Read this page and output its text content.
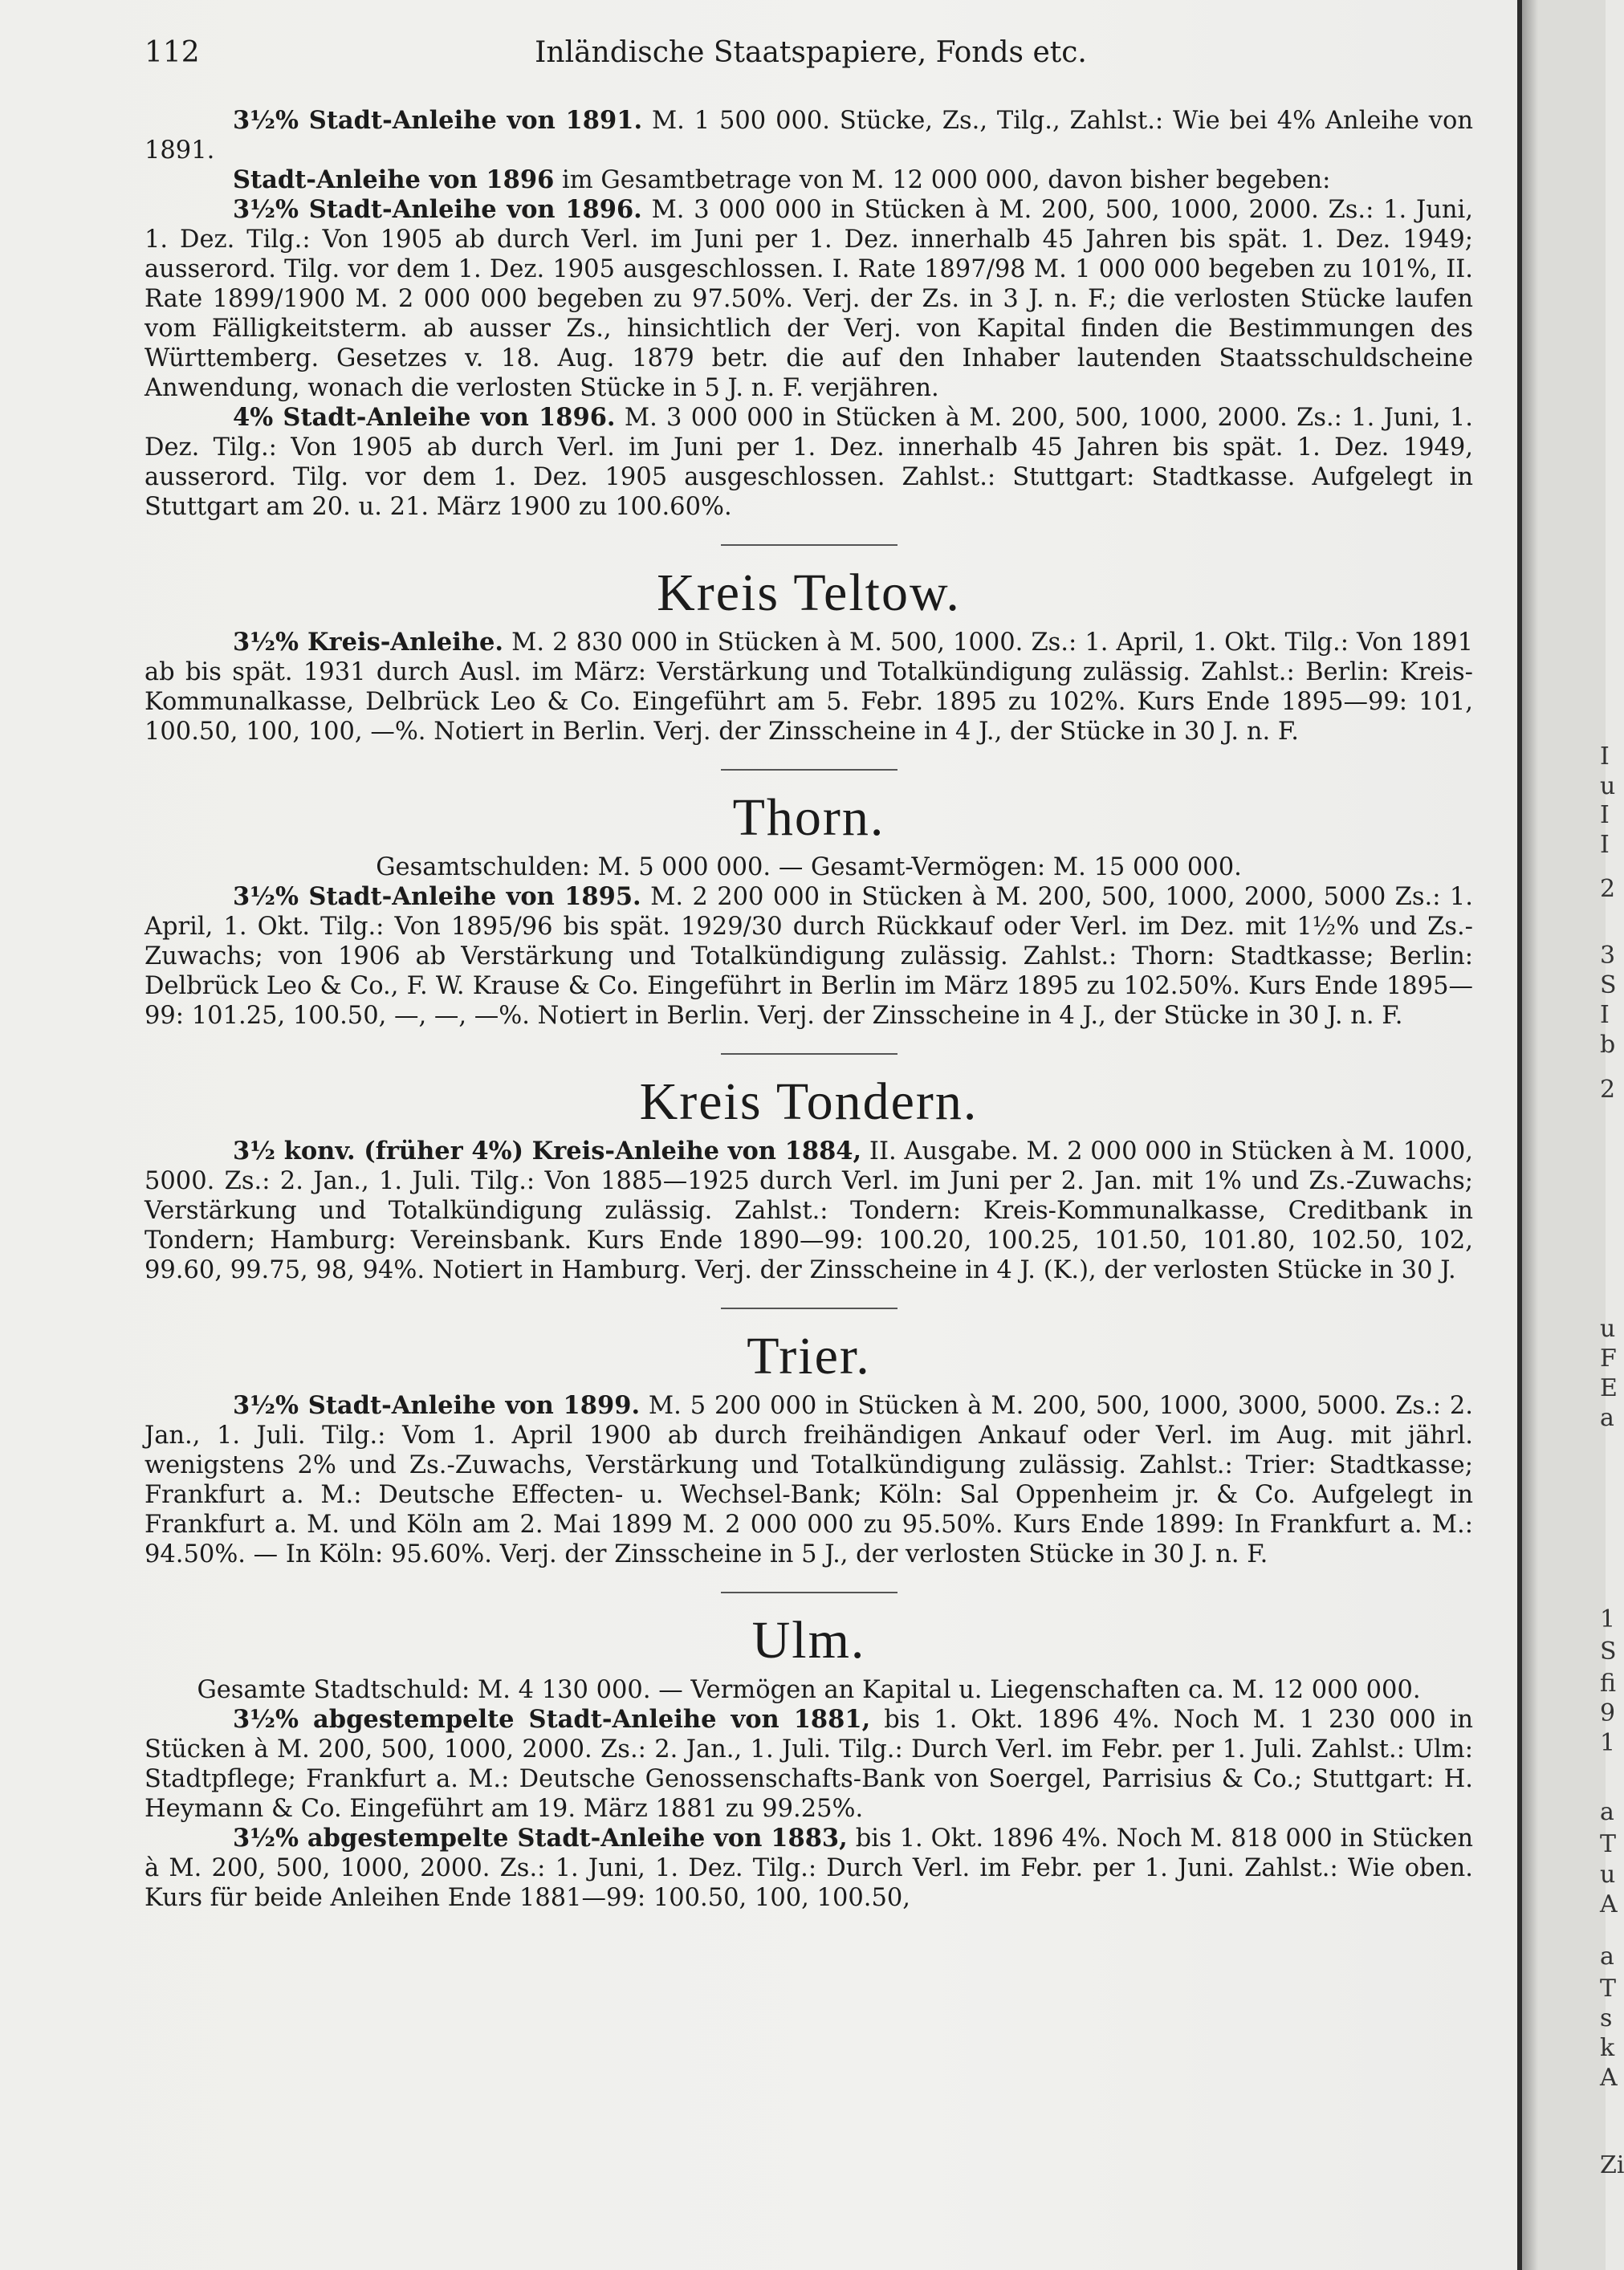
112	Inländische Staatspapiere, Fonds etc.

3½% Stadt-Anleihe von 1891. M. 1 500 000. Stücke, Zs., Tilg., Zahlst.: Wie bei 4% Anleihe von 1891.

Stadt-Anleihe von 1896 im Gesamtbetrage von M. 12 000 000, davon bisher begeben:

3½% Stadt-Anleihe von 1896. M. 3 000 000 in Stücken à M. 200, 500, 1000, 2000. Zs.: 1. Juni, 1. Dez. Tilg.: Von 1905 ab durch Verl. im Juni per 1. Dez. innerhalb 45 Jahren bis spät. 1. Dez. 1949; ausserord. Tilg. vor dem 1. Dez. 1905 ausgeschlossen. I. Rate 1897/98 M. 1 000 000 begeben zu 101%, II. Rate 1899/1900 M. 2 000 000 begeben zu 97.50%. Verj. der Zs. in 3 J. n. F.; die verlosten Stücke laufen vom Fälligkeitsterm. ab ausser Zs., hinsichtlich der Verj. von Kapital finden die Bestimmungen des Württemberg. Gesetzes v. 18. Aug. 1879 betr. die auf den Inhaber lautenden Staatsschuldscheine Anwendung, wonach die verlosten Stücke in 5 J. n. F. verjähren.

4% Stadt-Anleihe von 1896. M. 3 000 000 in Stücken à M. 200, 500, 1000, 2000. Zs.: 1. Juni, 1. Dez. Tilg.: Von 1905 ab durch Verl. im Juni per 1. Dez. innerhalb 45 Jahren bis spät. 1. Dez. 1949, ausserord. Tilg. vor dem 1. Dez. 1905 ausgeschlossen. Zahlst.: Stuttgart: Stadtkasse. Aufgelegt in Stuttgart am 20. u. 21. März 1900 zu 100.60%.

Kreis Teltow.

3½% Kreis-Anleihe. M. 2 830 000 in Stücken à M. 500, 1000. Zs.: 1. April, 1. Okt. Tilg.: Von 1891 ab bis spät. 1931 durch Ausl. im März: Verstärkung und Totalkündigung zulässig. Zahlst.: Berlin: Kreis-Kommunalkasse, Delbrück Leo & Co. Eingeführt am 5. Febr. 1895 zu 102%. Kurs Ende 1895—99: 101, 100.50, 100, 100, —%. Notiert in Berlin. Verj. der Zinsscheine in 4 J., der Stücke in 30 J. n. F.

Thorn.

Gesamtschulden: M. 5 000 000. — Gesamt-Vermögen: M. 15 000 000.

3½% Stadt-Anleihe von 1895. M. 2 200 000 in Stücken à M. 200, 500, 1000, 2000, 5000 Zs.: 1. April, 1. Okt. Tilg.: Von 1895/96 bis spät. 1929/30 durch Rückkauf oder Verl. im Dez. mit 1½% und Zs.-Zuwachs; von 1906 ab Verstärkung und Totalkündigung zulässig. Zahlst.: Thorn: Stadtkasse; Berlin: Delbrück Leo & Co., F. W. Krause & Co. Eingeführt in Berlin im März 1895 zu 102.50%. Kurs Ende 1895—99: 101.25, 100.50, —, —, —%. Notiert in Berlin. Verj. der Zinsscheine in 4 J., der Stücke in 30 J. n. F.

Kreis Tondern.

3½ konv. (früher 4%) Kreis-Anleihe von 1884, II. Ausgabe. M. 2 000 000 in Stücken à M. 1000, 5000. Zs.: 2. Jan., 1. Juli. Tilg.: Von 1885—1925 durch Verl. im Juni per 2. Jan. mit 1% und Zs.-Zuwachs; Verstärkung und Totalkündigung zulässig. Zahlst.: Tondern: Kreis-Kommunalkasse, Creditbank in Tondern; Hamburg: Vereinsbank. Kurs Ende 1890—99: 100.20, 100.25, 101.50, 101.80, 102.50, 102, 99.60, 99.75, 98, 94%. Notiert in Hamburg. Verj. der Zinsscheine in 4 J. (K.), der verlosten Stücke in 30 J.

Trier.

3½% Stadt-Anleihe von 1899. M. 5 200 000 in Stücken à M. 200, 500, 1000, 3000, 5000. Zs.: 2. Jan., 1. Juli. Tilg.: Vom 1. April 1900 ab durch freihändigen Ankauf oder Verl. im Aug. mit jährl. wenigstens 2% und Zs.-Zuwachs, Verstärkung und Totalkündigung zulässig. Zahlst.: Trier: Stadtkasse; Frankfurt a. M.: Deutsche Effecten- u. Wechsel-Bank; Köln: Sal Oppenheim jr. & Co. Aufgelegt in Frankfurt a. M. und Köln am 2. Mai 1899 M. 2 000 000 zu 95.50%. Kurs Ende 1899: In Frankfurt a. M.: 94.50%. — In Köln: 95.60%. Verj. der Zinsscheine in 5 J., der verlosten Stücke in 30 J. n. F.

Ulm.

Gesamte Stadtschuld: M. 4 130 000. — Vermögen an Kapital u. Liegenschaften ca. M. 12 000 000.

3½% abgestempelte Stadt-Anleihe von 1881, bis 1. Okt. 1896 4%. Noch M. 1 230 000 in Stücken à M. 200, 500, 1000, 2000. Zs.: 2. Jan., 1. Juli. Tilg.: Durch Verl. im Febr. per 1. Juli. Zahlst.: Ulm: Stadtpflege; Frankfurt a. M.: Deutsche Genossenschafts-Bank von Soergel, Parrisius & Co.; Stuttgart: H. Heymann & Co. Eingeführt am 19. März 1881 zu 99.25%.

3½% abgestempelte Stadt-Anleihe von 1883, bis 1. Okt. 1896 4%. Noch M. 818 000 in Stücken à M. 200, 500, 1000, 2000. Zs.: 1. Juni, 1. Dez. Tilg.: Durch Verl. im Febr. per 1. Juni. Zahlst.: Wie oben. Kurs für beide Anleihen Ende 1881—99: 100.50, 100, 100.50,

I
u
I
I
2
3
S
I
b
2
u
F
E
a
1
S
fi
9
1
a
T
u
A
a
T
s
k
A
Zi
